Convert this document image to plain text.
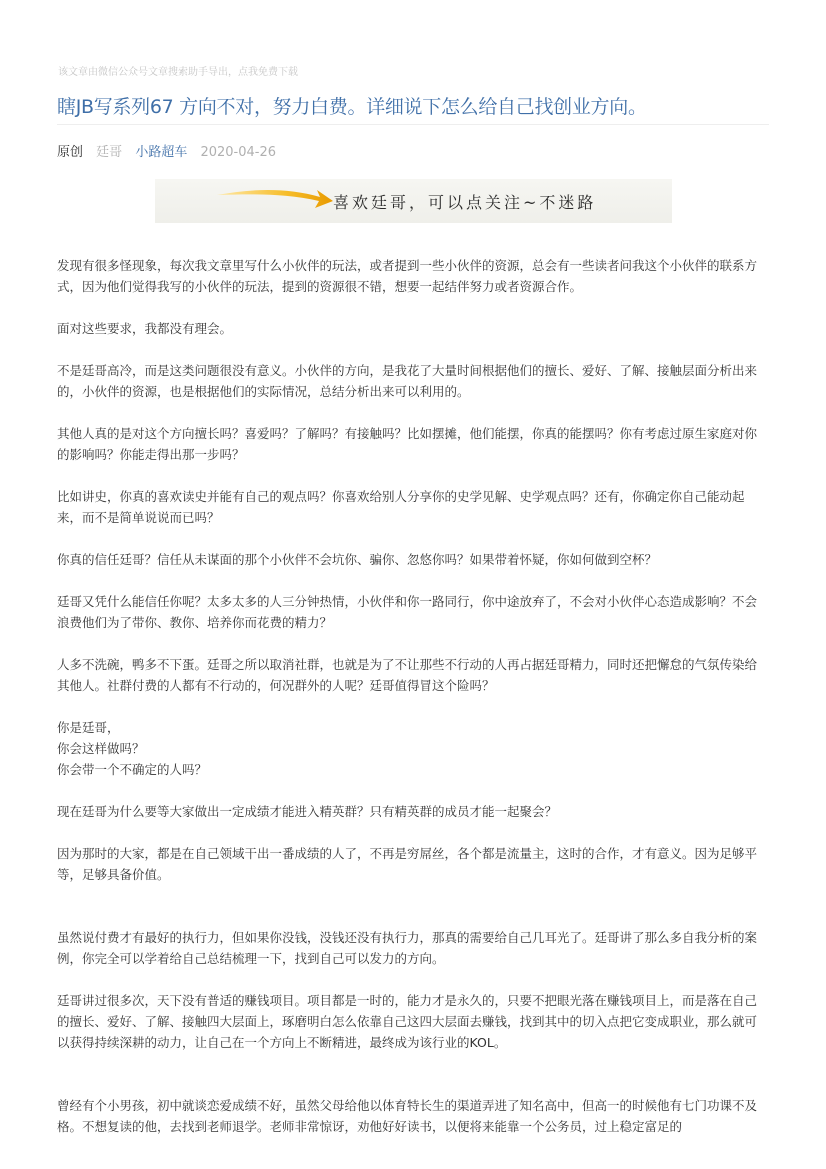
该文章由微信公众号文章搜索助手导出，点我免费下载
瞎JB写系列67 方向不对，努力白费。详细说下怎么给自己找创业方向。
原创 廷哥 小路超车 2020-04-26
喜欢廷哥，可以点关注~不迷路

发现有很多怪现象，每次我文章里写什么小伙伴的玩法，或者提到一些小伙伴的资源，总会有一些读者问我这个小伙伴的联系方式，因为他们觉得我写的小伙伴的玩法，提到的资源很不错，想要一起结伴努力或者资源合作。

面对这些要求，我都没有理会。

不是廷哥高冷，而是这类问题很没有意义。小伙伴的方向，是我花了大量时间根据他们的擅长、爱好、了解、接触层面分析出来的，小伙伴的资源，也是根据他们的实际情况，总结分析出来可以利用的。

其他人真的是对这个方向擅长吗？喜爱吗？了解吗？有接触吗？比如摆摊，他们能摆，你真的能摆吗？你有考虑过原生家庭对你的影响吗？你能走得出那一步吗？

比如讲史，你真的喜欢读史并能有自己的观点吗？你喜欢给别人分享你的史学见解、史学观点吗？还有，你确定你自己能动起来，而不是简单说说而已吗？

你真的信任廷哥？信任从未谋面的那个小伙伴不会坑你、骗你、忽悠你吗？如果带着怀疑，你如何做到空杯？

廷哥又凭什么能信任你呢？太多太多的人三分钟热情，小伙伴和你一路同行，你中途放弃了，不会对小伙伴心态造成影响？不会浪费他们为了带你、教你、培养你而花费的精力？

人多不洗碗，鸭多不下蛋。廷哥之所以取消社群，也就是为了不让那些不行动的人再占据廷哥精力，同时还把懈怠的气氛传染给其他人。社群付费的人都有不行动的，何况群外的人呢？廷哥值得冒这个险吗？

你是廷哥，
你会这样做吗？
你会带一个不确定的人吗？

现在廷哥为什么要等大家做出一定成绩才能进入精英群？只有精英群的成员才能一起聚会？

因为那时的大家，都是在自己领域干出一番成绩的人了，不再是穷屌丝，各个都是流量主，这时的合作，才有意义。因为足够平等，足够具备价值。

虽然说付费才有最好的执行力，但如果你没钱，没钱还没有执行力，那真的需要给自己几耳光了。廷哥讲了那么多自我分析的案例，你完全可以学着给自己总结梳理一下，找到自己可以发力的方向。

廷哥讲过很多次，天下没有普适的赚钱项目。项目都是一时的，能力才是永久的，只要不把眼光落在赚钱项目上，而是落在自己的擅长、爱好、了解、接触四大层面上，琢磨明白怎么依靠自己这四大层面去赚钱，找到其中的切入点把它变成职业，那么就可以获得持续深耕的动力，让自己在一个方向上不断精进，最终成为该行业的KOL。

曾经有个小男孩，初中就谈恋爱成绩不好，虽然父母给他以体育特长生的渠道弄进了知名高中，但高一的时候他有七门功课不及格。不想复读的他，去找到老师退学。老师非常惊讶，劝他好好读书，以便将来能靠一个公务员，过上稳定富足的
